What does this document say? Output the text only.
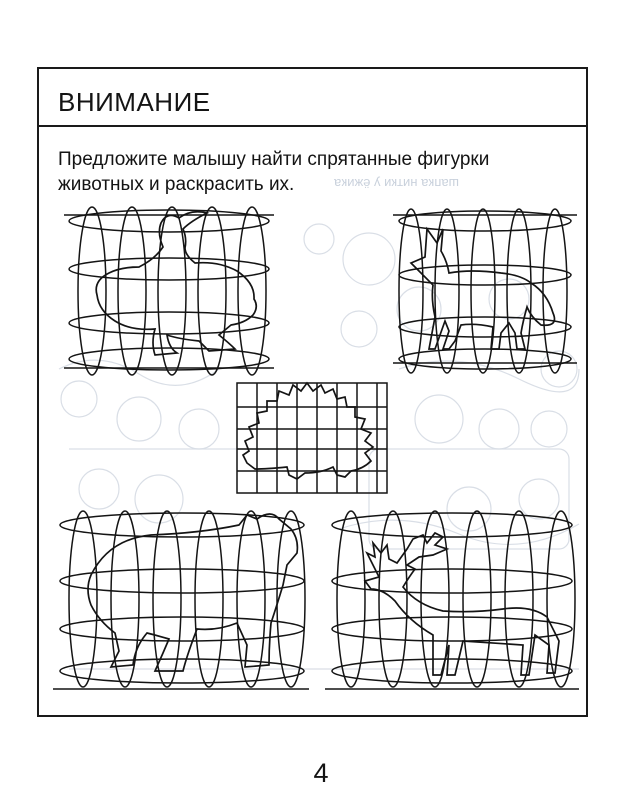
шапка нитки у ёжика
ВНИМАНИЕ
Предложите малышу найти спрятанные фигурки
животных и раскрасить их.
4
